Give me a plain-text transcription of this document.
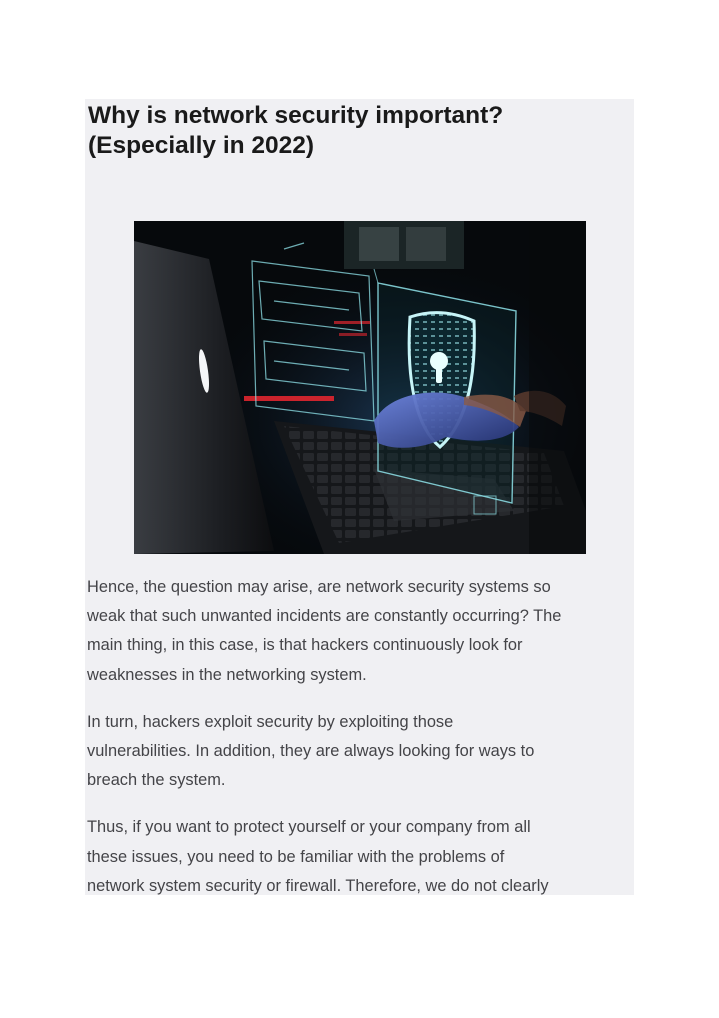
Why is network security important?
(Especially in 2022)

Hence, the question may arise, are network security systems so
weak that such unwanted incidents are constantly occurring? The
main thing, in this case, is that hackers continuously look for
weaknesses in the networking system.

In turn, hackers exploit security by exploiting those
vulnerabilities. In addition, they are always looking for ways to
breach the system.

Thus, if you want to protect yourself or your company from all
these issues, you need to be familiar with the problems of
network system security or firewall. Therefore, we do not clearly
